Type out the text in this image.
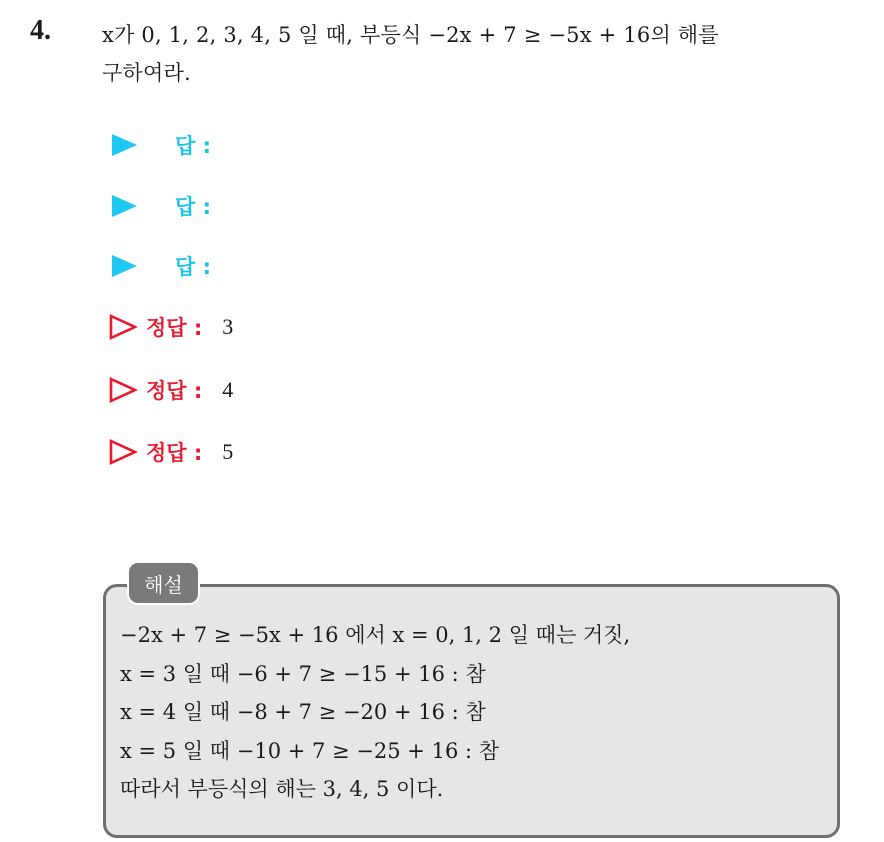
4. x가 0, 1, 2, 3, 4, 5 일 때, 부등식 −2x + 7 ≥ −5x + 16의 해를
구하여라.
답 :
답 :
답 :
정답 : 3
정답 : 4
정답 : 5
해설
−2x + 7 ≥ −5x + 16 에서 x = 0, 1, 2 일 때는 거짓,
x = 3 일 때 −6 + 7 ≥ −15 + 16 : 참
x = 4 일 때 −8 + 7 ≥ −20 + 16 : 참
x = 5 일 때 −10 + 7 ≥ −25 + 16 : 참
따라서 부등식의 해는 3, 4, 5 이다.
